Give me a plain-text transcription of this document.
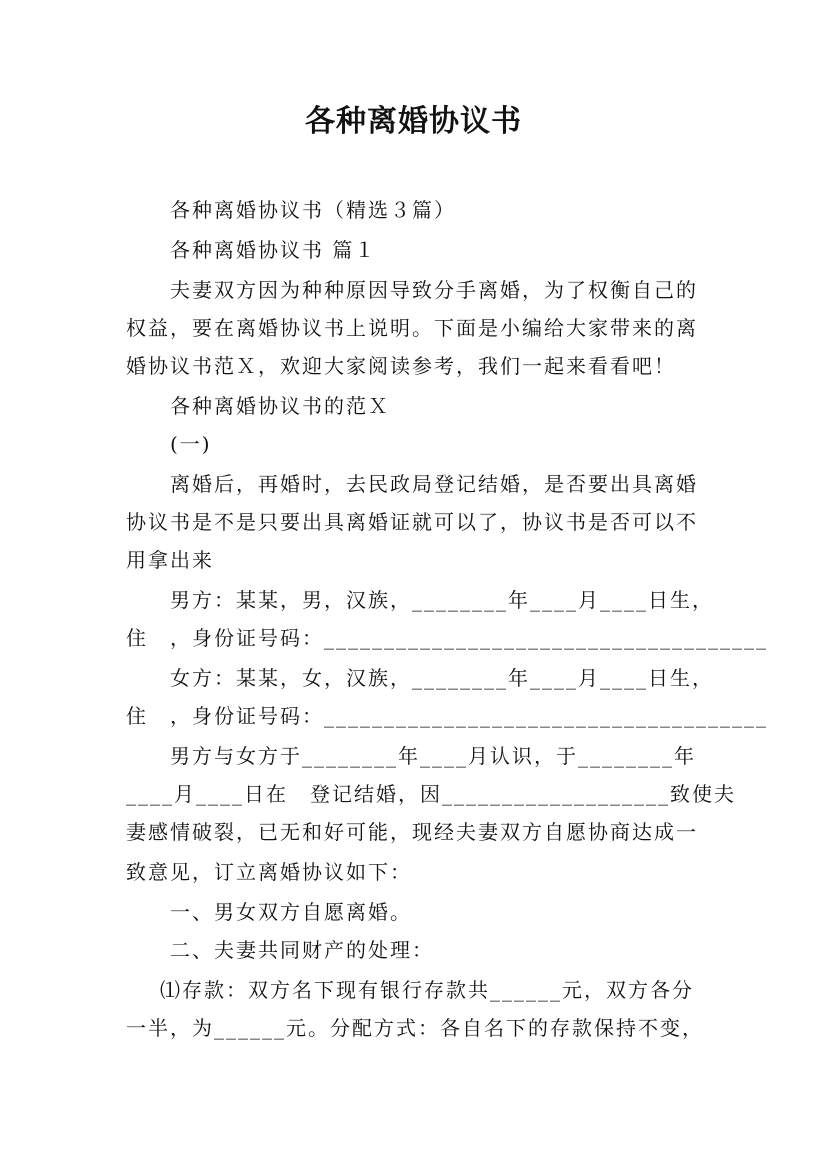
各种离婚协议书
各种离婚协议书（精选３篇）
各种离婚协议书 篇１
夫妻双方因为种种原因导致分手离婚，为了权衡自己的
权益，要在离婚协议书上说明。下面是小编给大家带来的离
婚协议书范Ｘ，欢迎大家阅读参考，我们一起来看看吧！
各种离婚协议书的范Ｘ
(一)
离婚后，再婚时，去民政局登记结婚，是否要出具离婚
协议书是不是只要出具离婚证就可以了，协议书是否可以不
用拿出来
男方：某某，男，汉族，________年____月____日生，
住　，身份证号码：_____________________________________
女方：某某，女，汉族，________年____月____日生，
住　，身份证号码：_____________________________________
男方与女方于________年____月认识，于________年
____月____日在　登记结婚，因___________________致使夫
妻感情破裂，已无和好可能，现经夫妻双方自愿协商达成一
致意见，订立离婚协议如下：
一、男女双方自愿离婚。
二、夫妻共同财产的处理：
⑴存款：双方名下现有银行存款共______元，双方各分
一半，为______元。分配方式：各自名下的存款保持不变，
